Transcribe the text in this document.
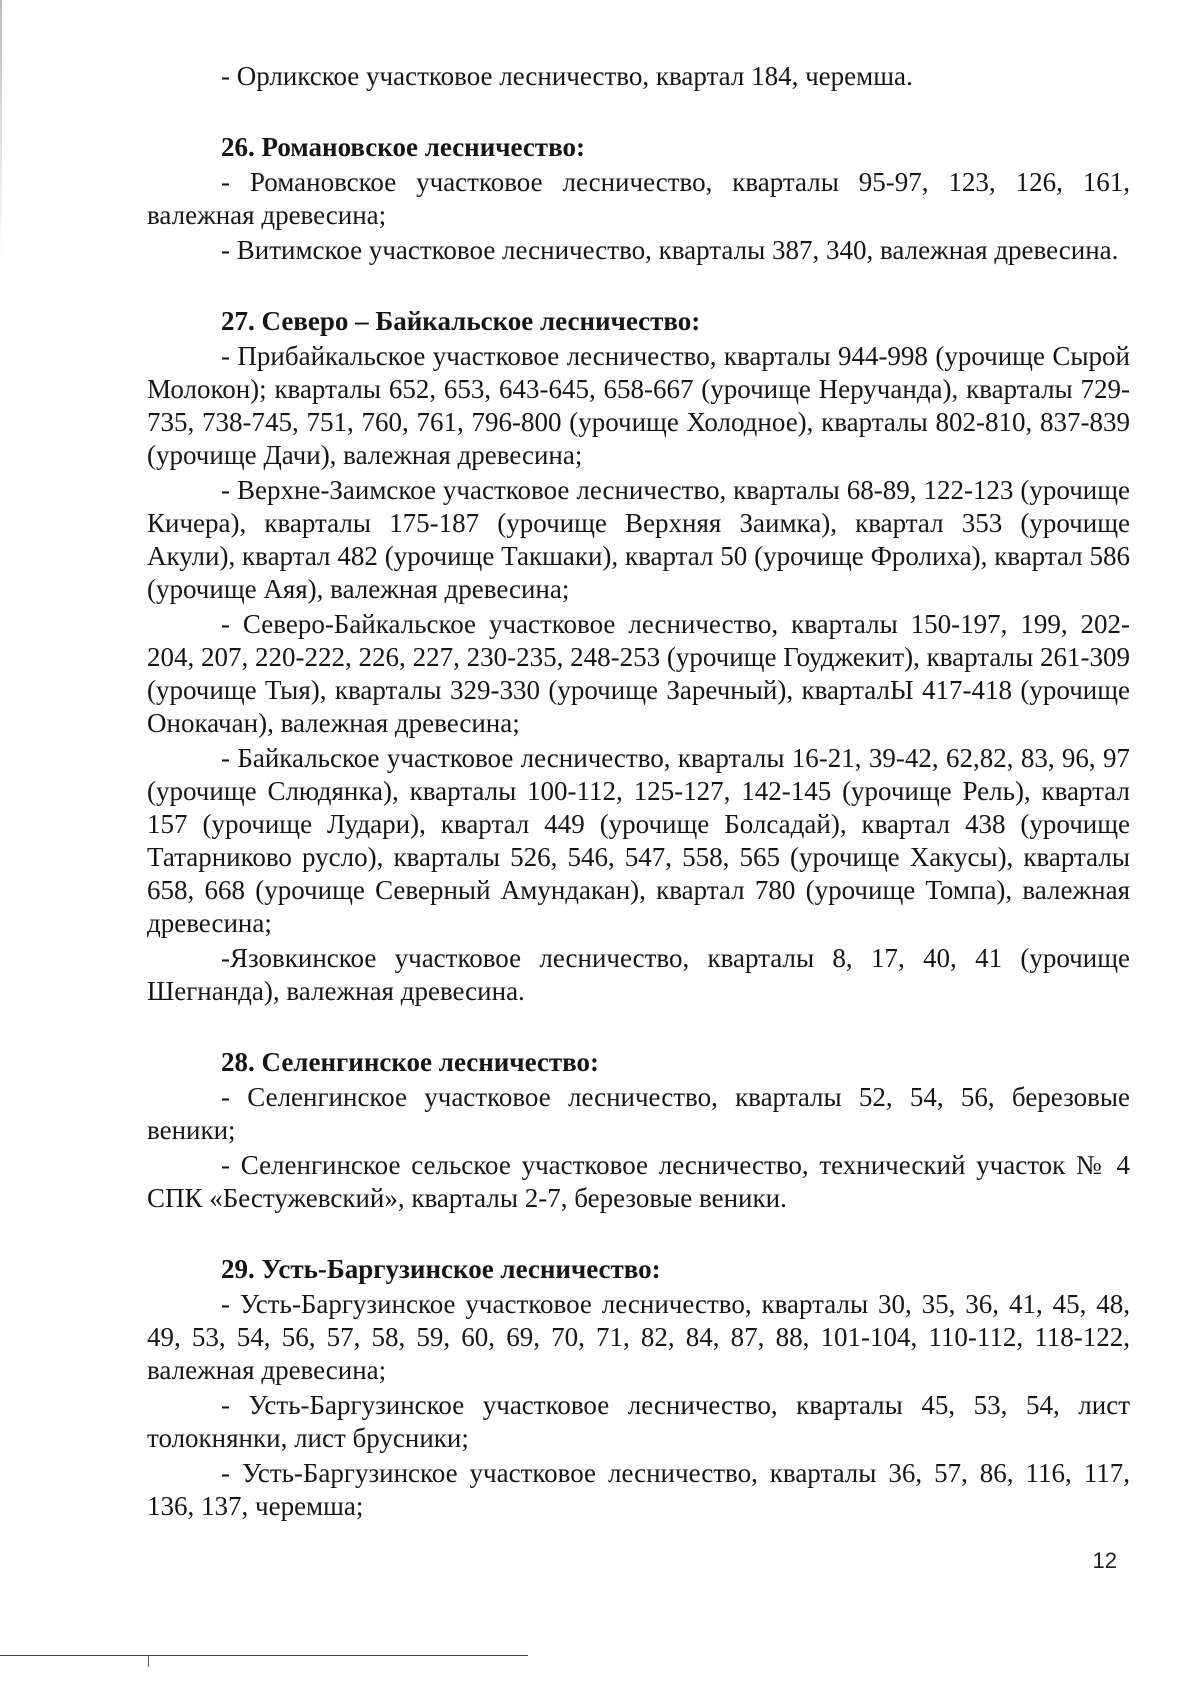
- Орликское участковое лесничество, квартал 184, черемша.

26. Романовское лесничество:

- Романовское участковое лесничество, кварталы 95-97, 123, 126, 161, валежная древесина;

- Витимское участковое лесничество, кварталы 387, 340, валежная древесина.

27. Северо – Байкальское лесничество:

- Прибайкальское участковое лесничество, кварталы 944-998 (урочище Сырой Молокон); кварталы 652, 653, 643-645, 658-667 (урочище Неручанда), кварталы 729-735, 738-745, 751, 760, 761, 796-800 (урочище Холодное), кварталы 802-810, 837-839 (урочище Дачи), валежная древесина;

- Верхне-Заимское участковое лесничество, кварталы 68-89, 122-123 (урочище Кичера), кварталы 175-187 (урочище Верхняя Заимка), квартал 353 (урочище Акули), квартал 482 (урочище Такшаки), квартал 50 (урочище Фролиха), квартал 586 (урочище Аяя), валежная древесина;

- Северо-Байкальское участковое лесничество, кварталы 150-197, 199, 202-204, 207, 220-222, 226, 227, 230-235, 248-253 (урочище Гоуджекит), кварталы 261-309 (урочище Тыя), кварталы 329-330 (урочище Заречный), кварталЫ 417-418 (урочище Онокачан), валежная древесина;

- Байкальское участковое лесничество, кварталы 16-21, 39-42, 62,82, 83, 96, 97 (урочище Слюдянка), кварталы 100-112, 125-127, 142-145 (урочище Рель), квартал 157 (урочище Лудари), квартал 449 (урочище Болсадай), квартал 438 (урочище Татарниково русло), кварталы 526, 546, 547, 558, 565 (урочище Хакусы), кварталы 658, 668 (урочище Северный Амундакан), квартал 780 (урочище Томпа), валежная древесина;

-Язовкинское участковое лесничество, кварталы 8, 17, 40, 41 (урочище Шегнанда), валежная древесина.

28. Селенгинское лесничество:

- Селенгинское участковое лесничество, кварталы 52, 54, 56, березовые веники;

- Селенгинское сельское участковое лесничество, технический участок № 4 СПК «Бестужевский», кварталы 2-7, березовые веники.

29. Усть-Баргузинское лесничество:

- Усть-Баргузинское участковое лесничество, кварталы 30, 35, 36, 41, 45, 48, 49, 53, 54, 56, 57, 58, 59, 60, 69, 70, 71, 82, 84, 87, 88, 101-104, 110-112, 118-122, валежная древесина;

- Усть-Баргузинское участковое лесничество, кварталы 45, 53, 54, лист толокнянки, лист брусники;

- Усть-Баргузинское участковое лесничество, кварталы 36, 57, 86, 116, 117, 136, 137, черемша;

12
